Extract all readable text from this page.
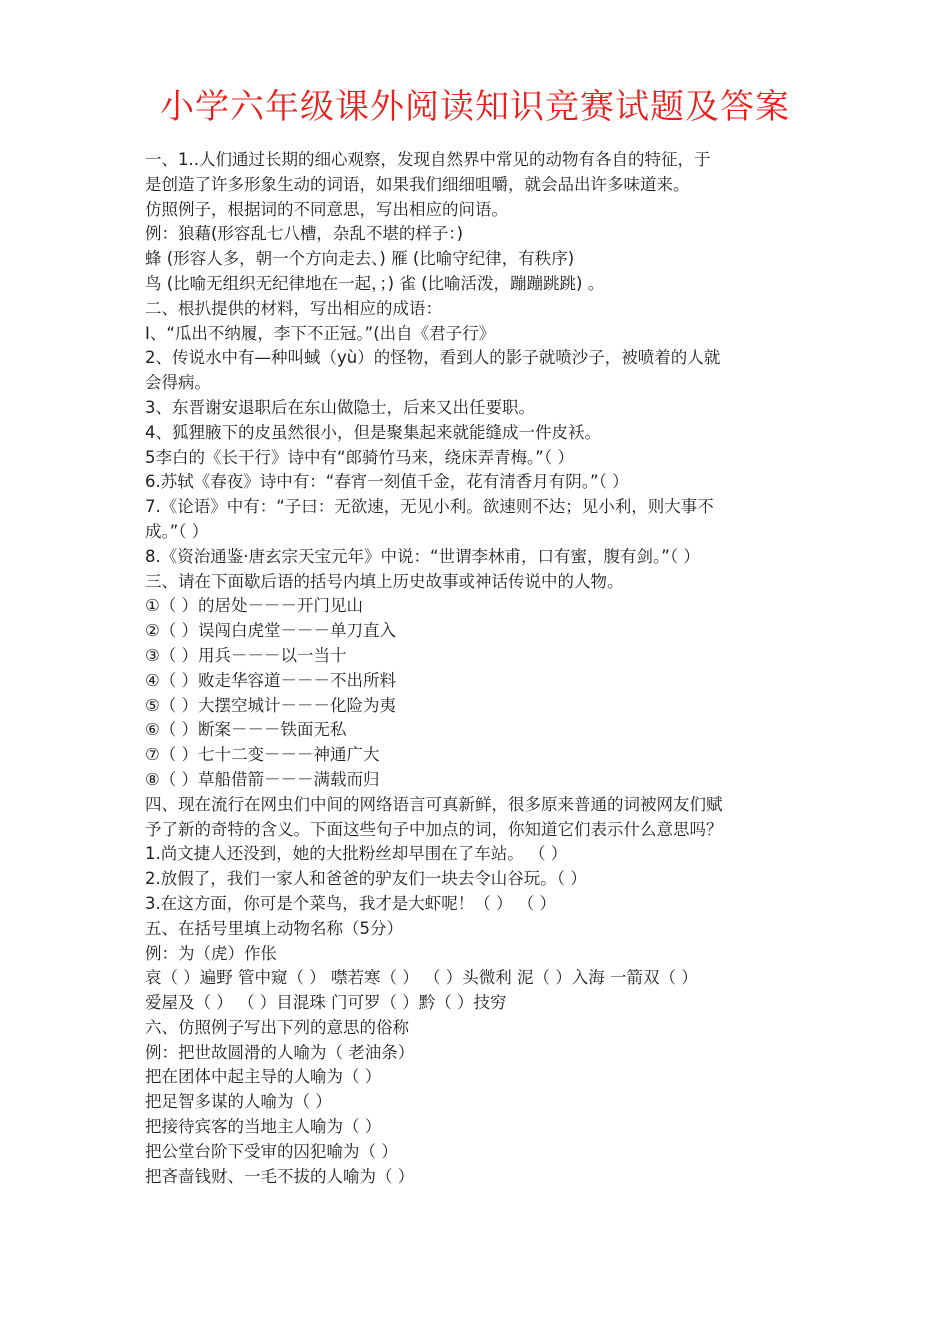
小学六年级课外阅读知识竞赛试题及答案
一、1..人们通过长期的细心观察，发现自然界中常见的动物有各自的特征，于
是创造了许多形象生动的词语，如果我们细细咀嚼，就会品出许多味道来。
仿照例子，根据词的不同意思，写出相应的问语。
例：狼藉(形容乱七八槽，杂乱不堪的样子：)
蜂 (形容人多，朝一个方向走去、) 雁 (比喻守纪律，有秩序)
鸟 (比喻无组织无纪律地在一起，；) 雀 (比喻活泼，蹦蹦跳跳) 。
二、根扒提供的材料，写出相应的成语：
I、“瓜出不纳履，李下不正冠。”(出自《君子行》
2、传说水中有—种叫蜮（yù）的怪物，看到人的影子就喷沙子，被喷着的人就
会得病。
3、东晋谢安退职后在东山做隐士，后来又出任要职。
4、狐狸腋下的皮虽然很小，但是聚集起来就能缝成一件皮袄。
5李白的《长干行》诗中有“郎骑竹马来，绕床弄青梅。”（ ）
6.苏轼《春夜》诗中有：“春宵一刻值千金，花有清香月有阴。”（ ）
7.《论语》中有：“子曰：无欲速，无见小利。欲速则不达；见小利，则大事不
成。”（ ）
8.《资治通鉴·唐玄宗天宝元年》中说：“世谓李林甫，口有蜜，腹有剑。”（ ）
三、请在下面歇后语的括号内填上历史故事或神话传说中的人物。
①（ ）的居处－－－开门见山
②（ ）误闯白虎堂－－－单刀直入
③（ ）用兵－－－以一当十
④（ ）败走华容道－－－不出所料
⑤（ ）大摆空城计－－－化险为夷
⑥（ ）断案－－－铁面无私
⑦（ ）七十二变－－－神通广大
⑧（ ）草船借箭－－－满载而归
四、现在流行在网虫们中间的网络语言可真新鲜，很多原来普通的词被网友们赋
予了新的奇特的含义。下面这些句子中加点的词，你知道它们表示什么意思吗？
1.尚文捷人还没到，她的大批粉丝却早围在了车站。 （ ）
2.放假了，我们一家人和爸爸的驴友们一块去令山谷玩。（ ）
3.在这方面，你可是个菜鸟，我才是大虾呢！（ ） （ ）
五、在括号里填上动物名称（5分）
例：为（虎）作伥
哀（ ）遍野 管中窥（ ） 噤若寒（ ） （ ）头微利 泥（ ）入海 一箭双（ ）
爱屋及（ ） （ ）目混珠 门可罗（ ）黔（ ）技穷
六、仿照例子写出下列的意思的俗称
例：把世故圆滑的人喻为（ 老油条）
把在团体中起主导的人喻为（ ）
把足智多谋的人喻为（ ）
把接待宾客的当地主人喻为（ ）
把公堂台阶下受审的囚犯喻为（ ）
把吝啬钱财、一毛不拔的人喻为（ ）
